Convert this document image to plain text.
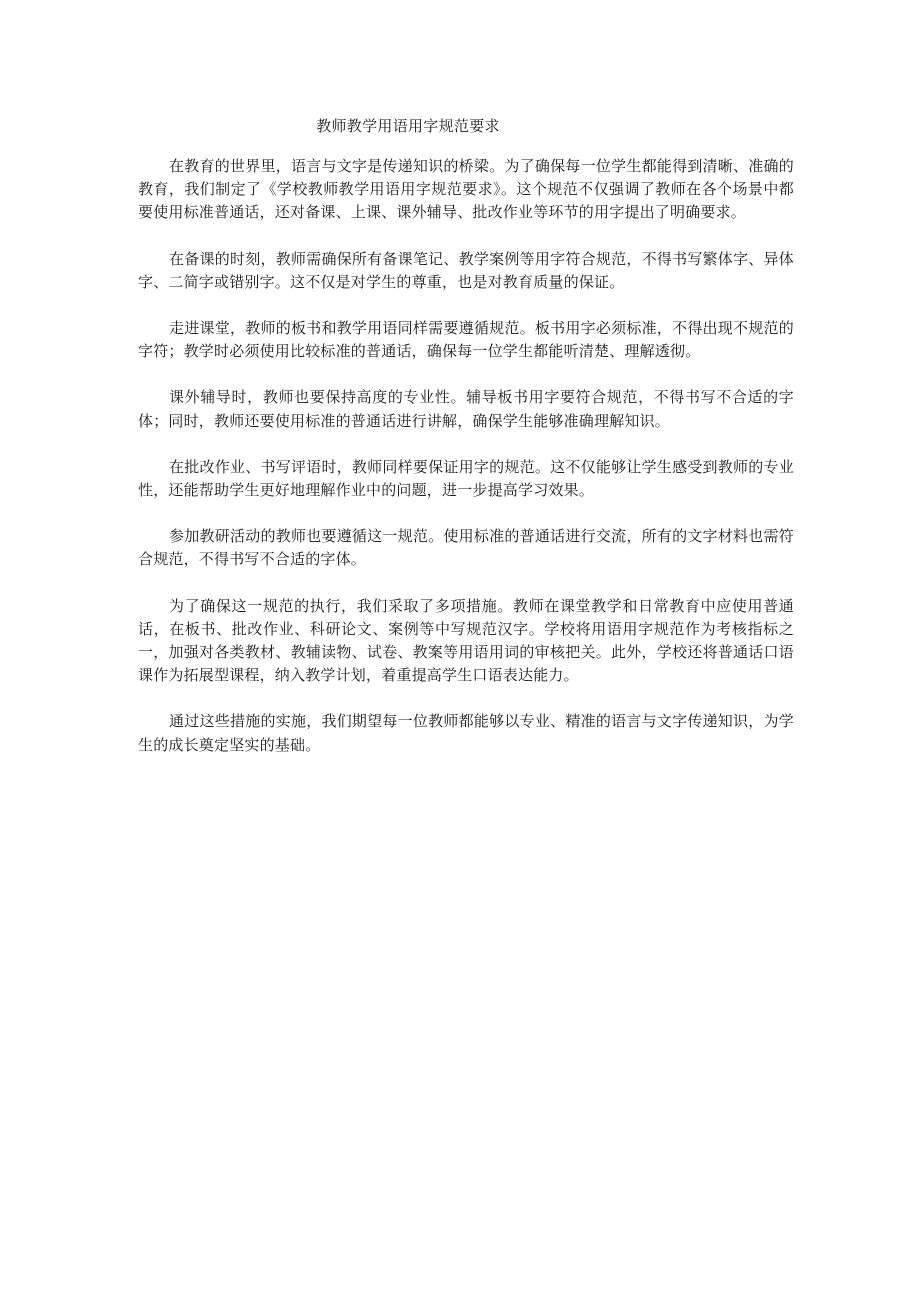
教师教学用语用字规范要求

在教育的世界里，语言与文字是传递知识的桥梁。为了确保每一位学生都能得到清晰、准确的教育，我们制定了《学校教师教学用语用字规范要求》。这个规范不仅强调了教师在各个场景中都要使用标准普通话，还对备课、上课、课外辅导、批改作业等环节的用字提出了明确要求。

在备课的时刻，教师需确保所有备课笔记、教学案例等用字符合规范，不得书写繁体字、异体字、二简字或错别字。这不仅是对学生的尊重，也是对教育质量的保证。

走进课堂，教师的板书和教学用语同样需要遵循规范。板书用字必须标准，不得出现不规范的字符；教学时必须使用比较标准的普通话，确保每一位学生都能听清楚、理解透彻。

课外辅导时，教师也要保持高度的专业性。辅导板书用字要符合规范，不得书写不合适的字体；同时，教师还要使用标准的普通话进行讲解，确保学生能够准确理解知识。

在批改作业、书写评语时，教师同样要保证用字的规范。这不仅能够让学生感受到教师的专业性，还能帮助学生更好地理解作业中的问题，进一步提高学习效果。

参加教研活动的教师也要遵循这一规范。使用标准的普通话进行交流，所有的文字材料也需符合规范，不得书写不合适的字体。

为了确保这一规范的执行，我们采取了多项措施。教师在课堂教学和日常教育中应使用普通话，在板书、批改作业、科研论文、案例等中写规范汉字。学校将用语用字规范作为考核指标之一，加强对各类教材、教辅读物、试卷、教案等用语用词的审核把关。此外，学校还将普通话口语课作为拓展型课程，纳入教学计划，着重提高学生口语表达能力。

通过这些措施的实施，我们期望每一位教师都能够以专业、精准的语言与文字传递知识，为学生的成长奠定坚实的基础。
